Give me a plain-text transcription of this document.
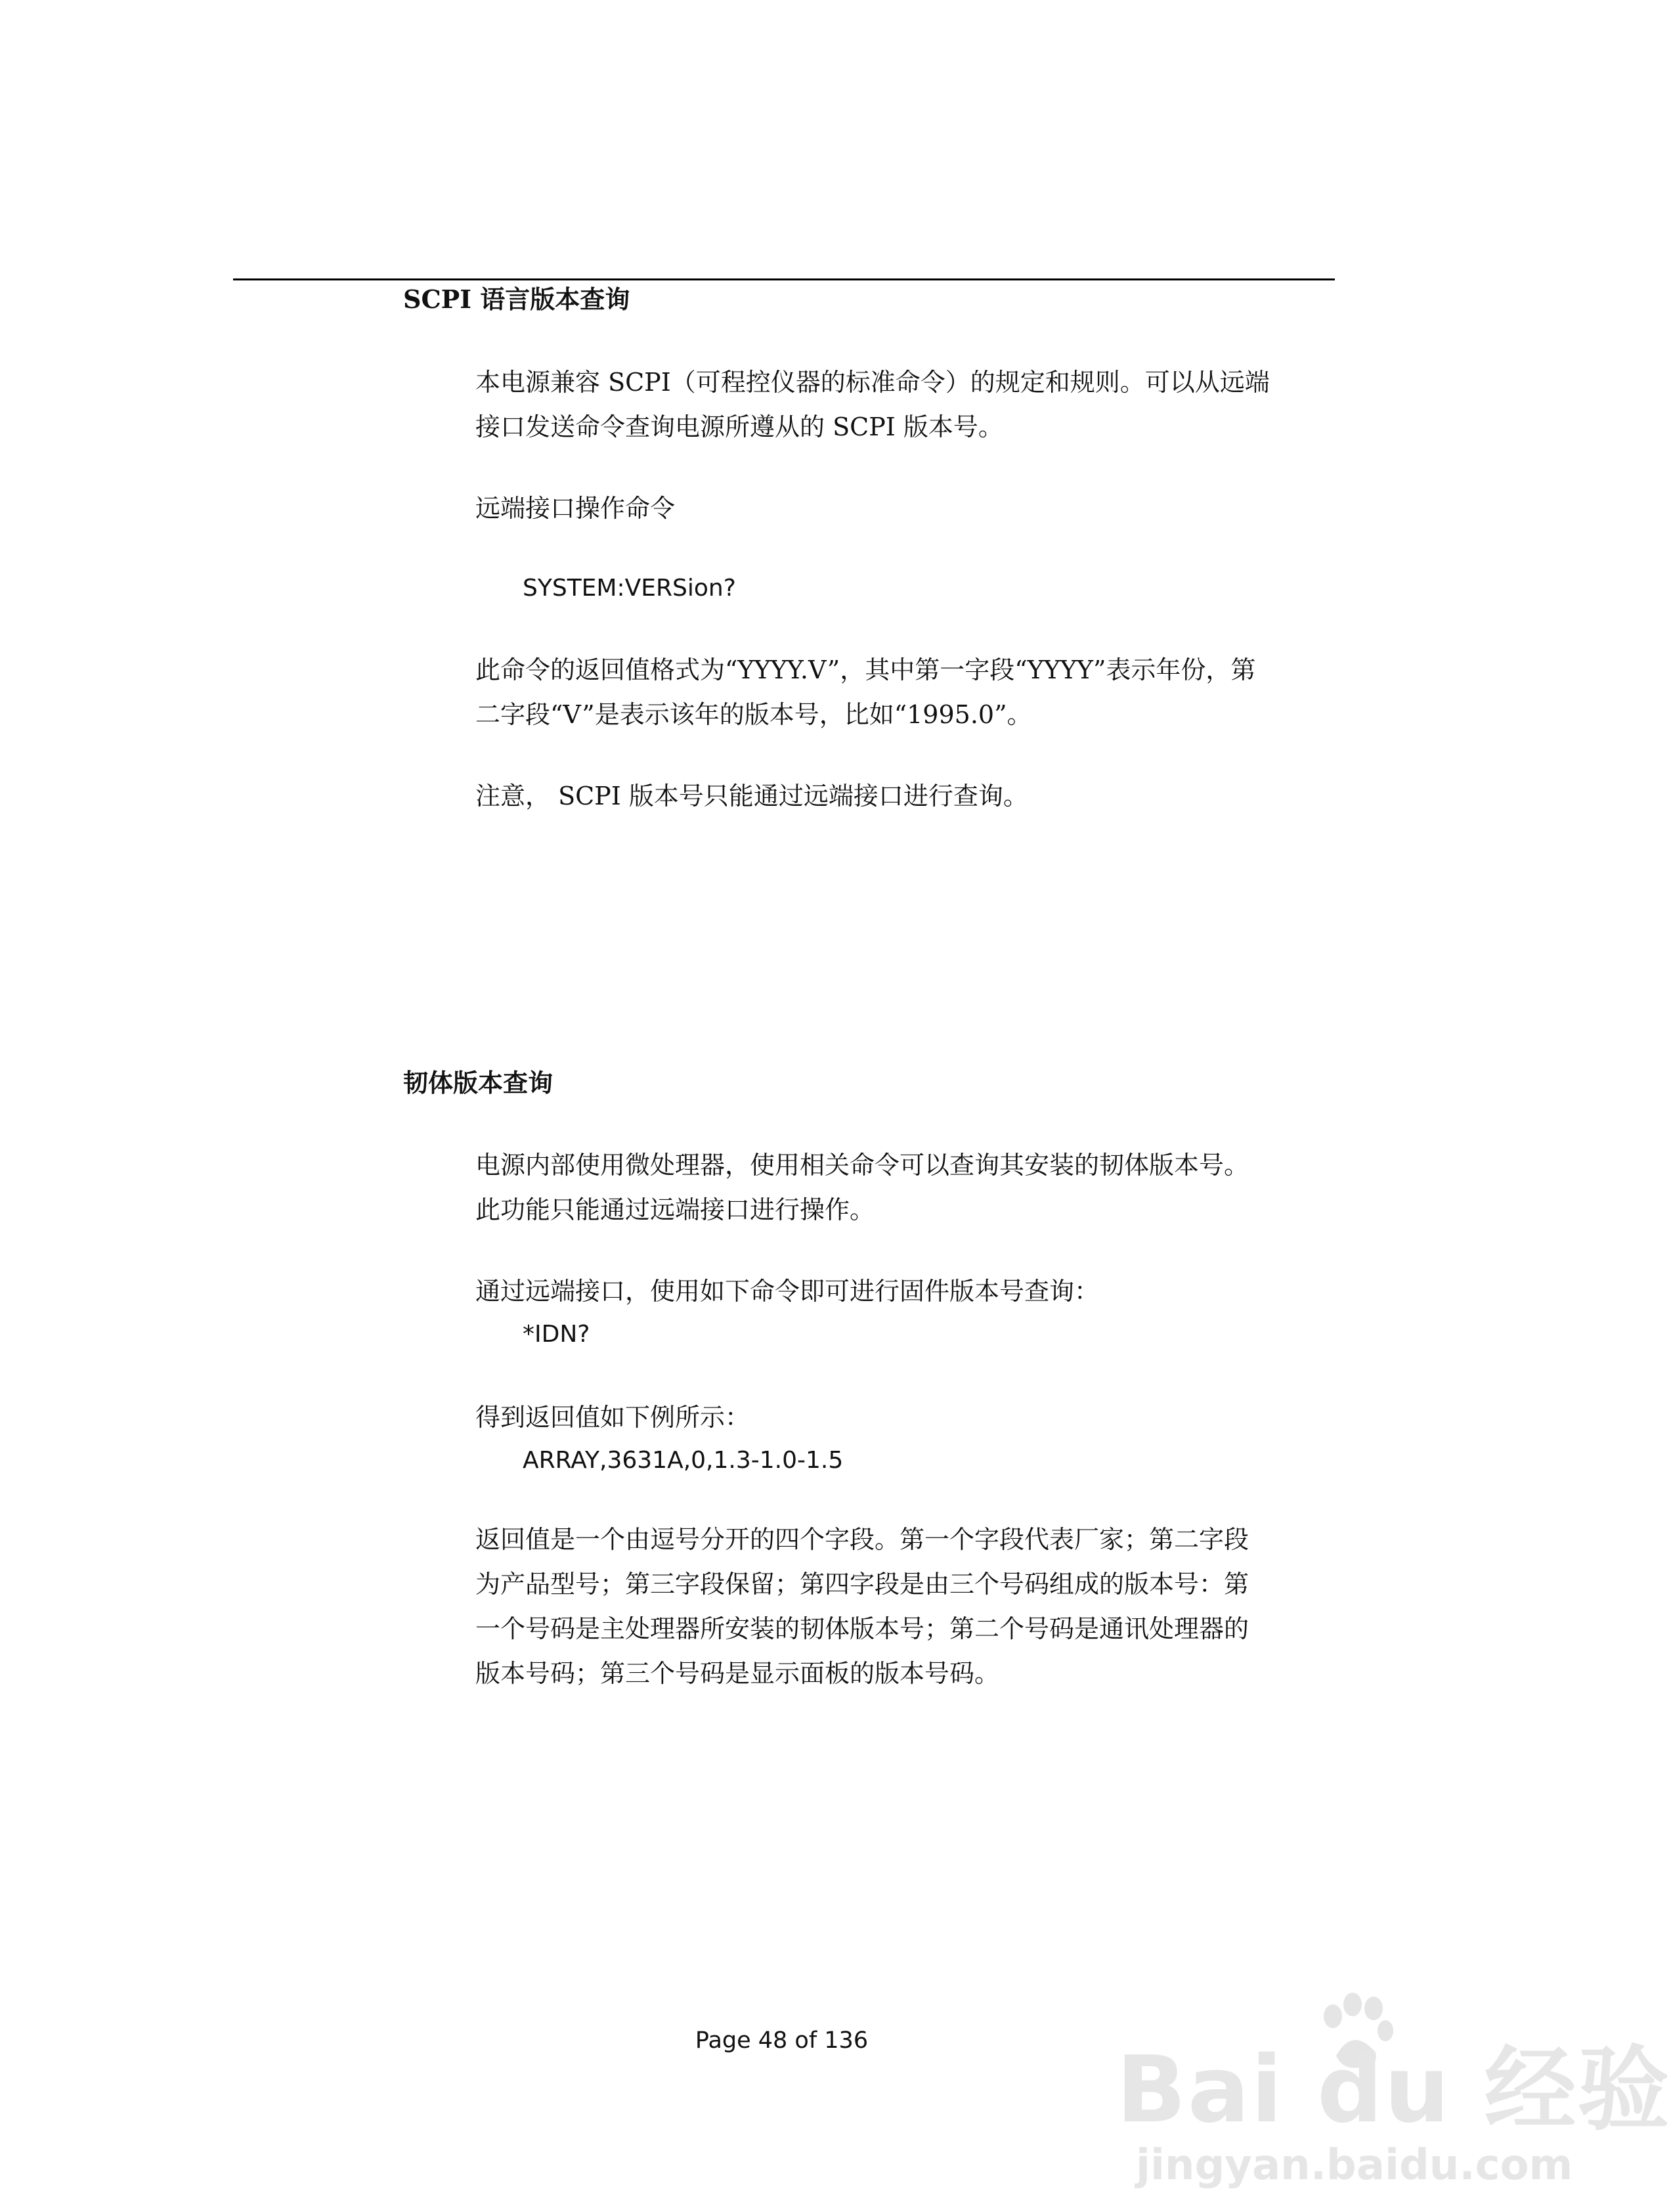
SCPI 语言版本查询

本电源兼容 SCPI（可程控仪器的标准命令）的规定和规则。可以从远端
接口发送命令查询电源所遵从的 SCPI 版本号。

远端接口操作命令

SYSTEM:VERSion?

此命令的返回值格式为“YYYY.V”，其中第一字段“YYYY”表示年份，第
二字段“V”是表示该年的版本号，比如“1995.0”。

注意， SCPI 版本号只能通过远端接口进行查询。

韧体版本查询

电源内部使用微处理器，使用相关命令可以查询其安装的韧体版本号。
此功能只能通过远端接口进行操作。

通过远端接口，使用如下命令即可进行固件版本号查询：

*IDN?

得到返回值如下例所示：

ARRAY,3631A,0,1.3-1.0-1.5

返回值是一个由逗号分开的四个字段。第一个字段代表厂家；第二字段
为产品型号；第三字段保留；第四字段是由三个号码组成的版本号：第
一个号码是主处理器所安装的韧体版本号；第二个号码是通讯处理器的
版本号码；第三个号码是显示面板的版本号码。

Page 48 of 136	Bai du 经验
jingyan.baidu.com
